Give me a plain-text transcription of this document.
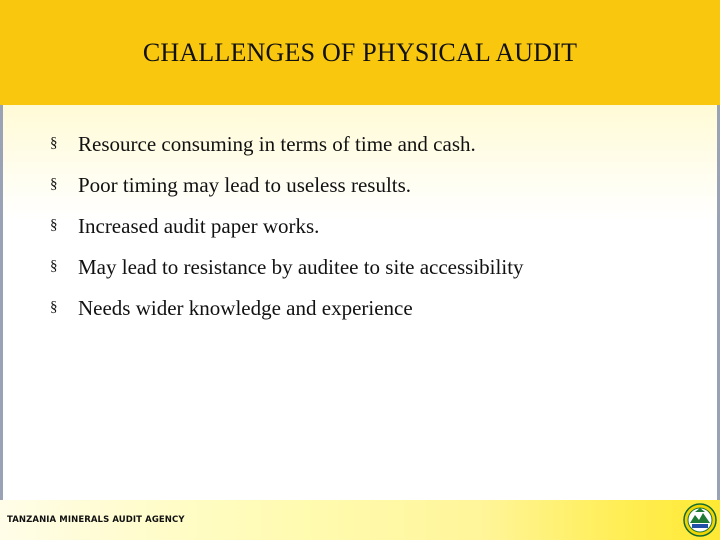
CHALLENGES OF PHYSICAL AUDIT
§ Resource consuming in terms of time and cash.
§ Poor timing may lead to useless results.
§ Increased audit paper works.
§ May lead to resistance by auditee to site accessibility
§ Needs wider knowledge and experience
TANZANIA MINERALS AUDIT AGENCY
